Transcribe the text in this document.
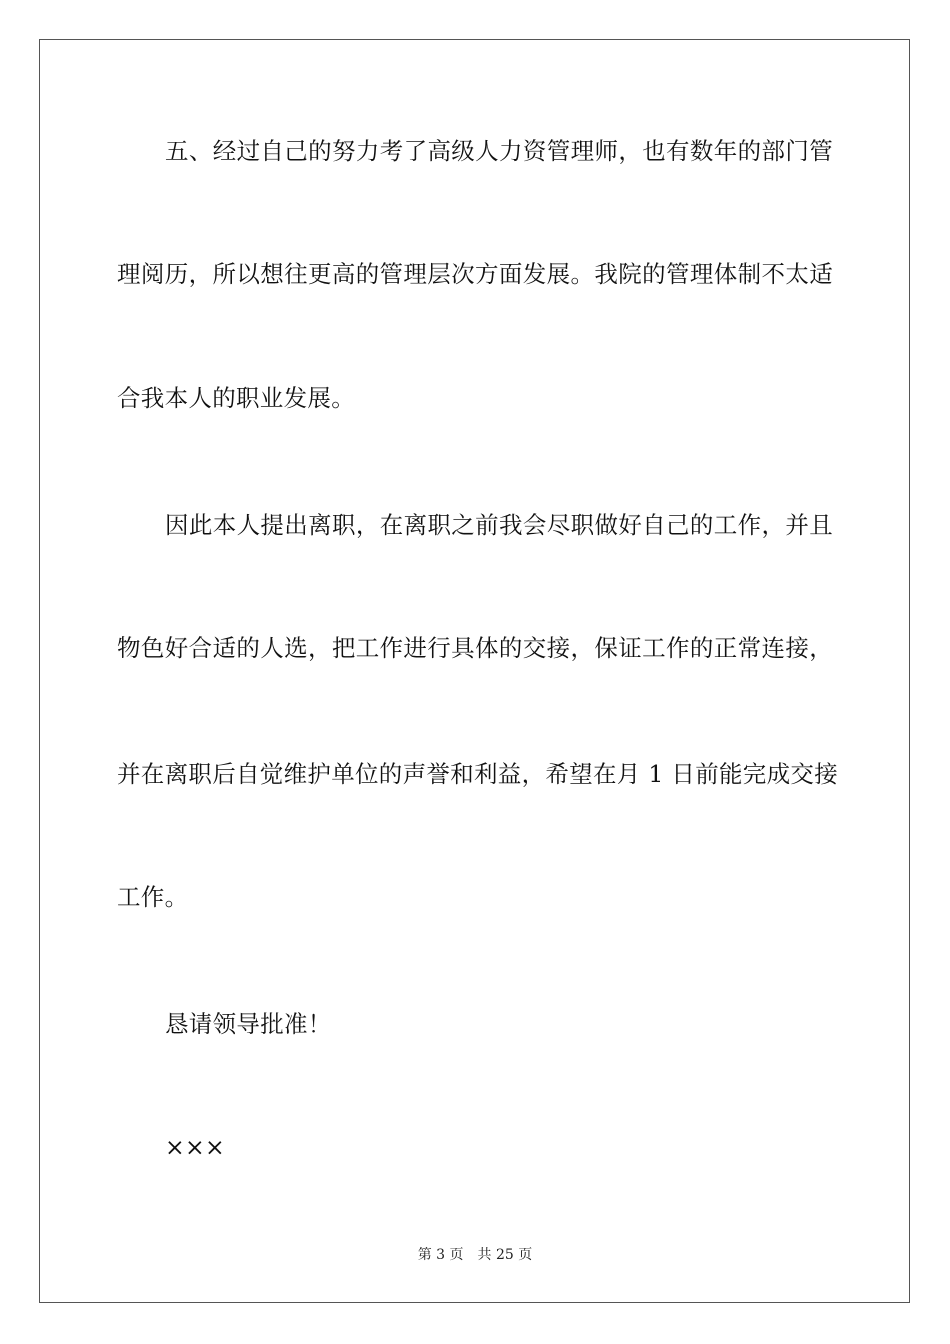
五、经过自己的努力考了高级人力资管理师，也有数年的部门管
理阅历，所以想往更高的管理层次方面发展。我院的管理体制不太适
合我本人的职业发展。
因此本人提出离职，在离职之前我会尽职做好自己的工作，并且
物色好合适的人选，把工作进行具体的交接，保证工作的正常连接，
并在离职后自觉维护单位的声誉和利益，希望在月 1 日前能完成交接
工作。
恳请领导批准！
×××
第 3 页 共 25 页
